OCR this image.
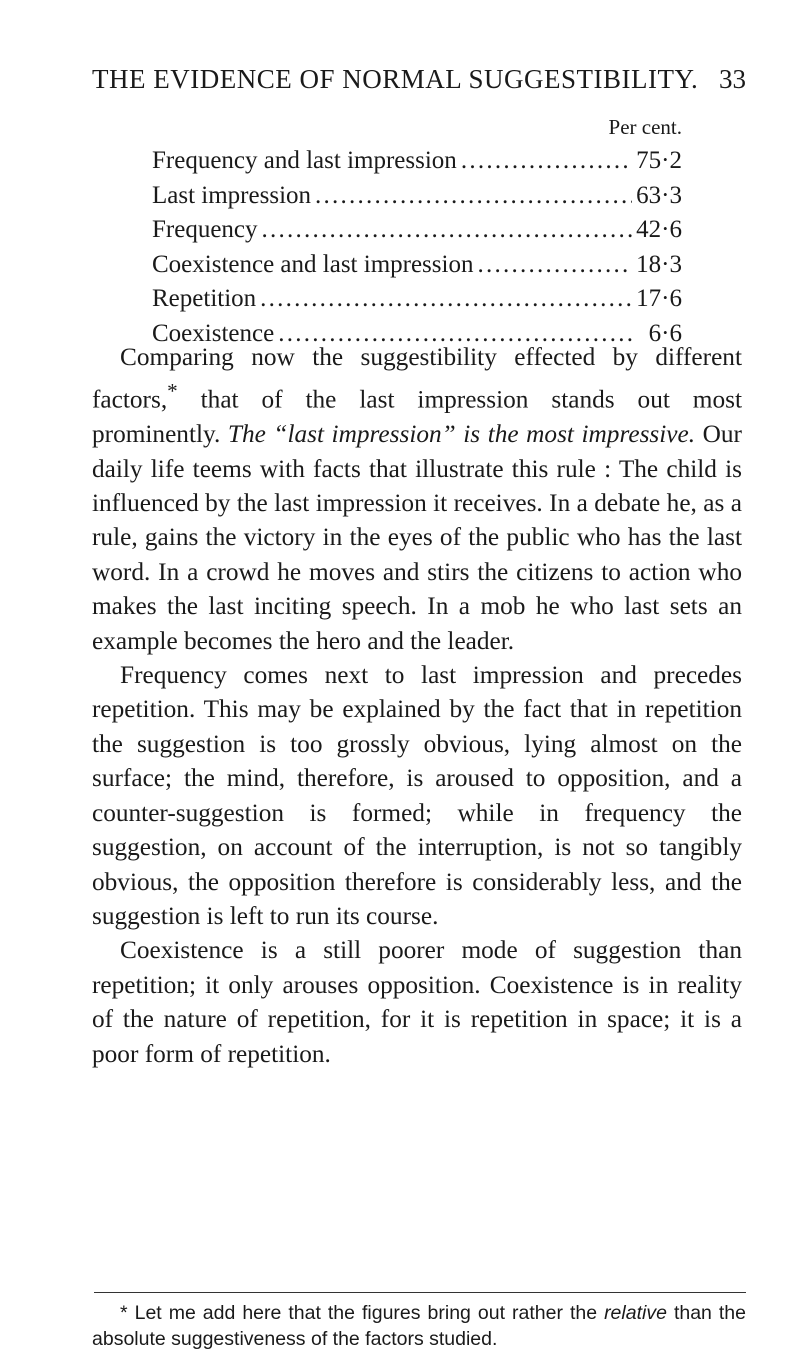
THE EVIDENCE OF NORMAL SUGGESTIBILITY. 33
Per cent.
Frequency and last impression . . .	75·2
Last impression . . .	63·3
Frequency . . .	42·6
Coexistence and last impression . . .	18·3
Repetition . . .	17·6
Coexistence . . .	6·6

Comparing now the suggestibility effected by different factors,* that of the last impression stands out most prominently. The “last impression” is the most impressive. Our daily life teems with facts that illustrate this rule : The child is influenced by the last impression it receives. In a debate he, as a rule, gains the victory in the eyes of the public who has the last word. In a crowd he moves and stirs the citizens to action who makes the last inciting speech. In a mob he who last sets an example becomes the hero and the leader.

Frequency comes next to last impression and precedes repetition. This may be explained by the fact that in repetition the suggestion is too grossly obvious, lying almost on the surface; the mind, therefore, is aroused to opposition, and a counter-suggestion is formed; while in frequency the suggestion, on account of the interruption, is not so tangibly obvious, the opposition therefore is considerably less, and the suggestion is left to run its course.

Coexistence is a still poorer mode of suggestion than repetition; it only arouses opposition. Coexistence is in reality of the nature of repetition, for it is repetition in space; it is a poor form of repetition.

* Let me add here that the figures bring out rather the relative than the absolute suggestiveness of the factors studied.
